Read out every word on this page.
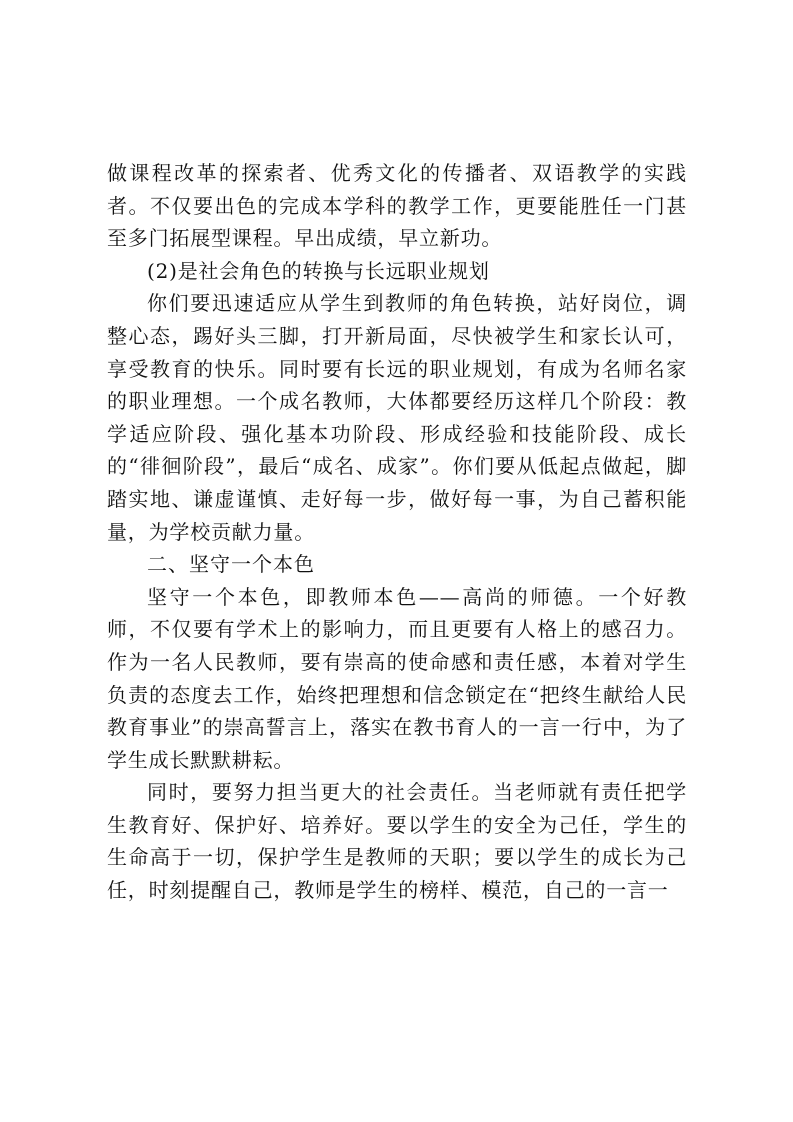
做课程改革的探索者、优秀文化的传播者、双语教学的实践者。不仅要出色的完成本学科的教学工作，更要能胜任一门甚至多门拓展型课程。早出成绩，早立新功。

(2)是社会角色的转换与长远职业规划

你们要迅速适应从学生到教师的角色转换，站好岗位，调整心态，踢好头三脚，打开新局面，尽快被学生和家长认可，享受教育的快乐。同时要有长远的职业规划，有成为名师名家的职业理想。一个成名教师，大体都要经历这样几个阶段：教学适应阶段、强化基本功阶段、形成经验和技能阶段、成长的“徘徊阶段”，最后“成名、成家”。你们要从低起点做起，脚踏实地、谦虚谨慎、走好每一步，做好每一事，为自己蓄积能量，为学校贡献力量。

二、坚守一个本色

坚守一个本色，即教师本色——高尚的师德。一个好教师，不仅要有学术上的影响力，而且更要有人格上的感召力。作为一名人民教师，要有崇高的使命感和责任感，本着对学生负责的态度去工作，始终把理想和信念锁定在“把终生献给人民教育事业”的崇高誓言上，落实在教书育人的一言一行中，为了学生成长默默耕耘。

同时，要努力担当更大的社会责任。当老师就有责任把学生教育好、保护好、培养好。要以学生的安全为己任，学生的生命高于一切，保护学生是教师的天职；要以学生的成长为己任，时刻提醒自己，教师是学生的榜样、模范，自己的一言一
